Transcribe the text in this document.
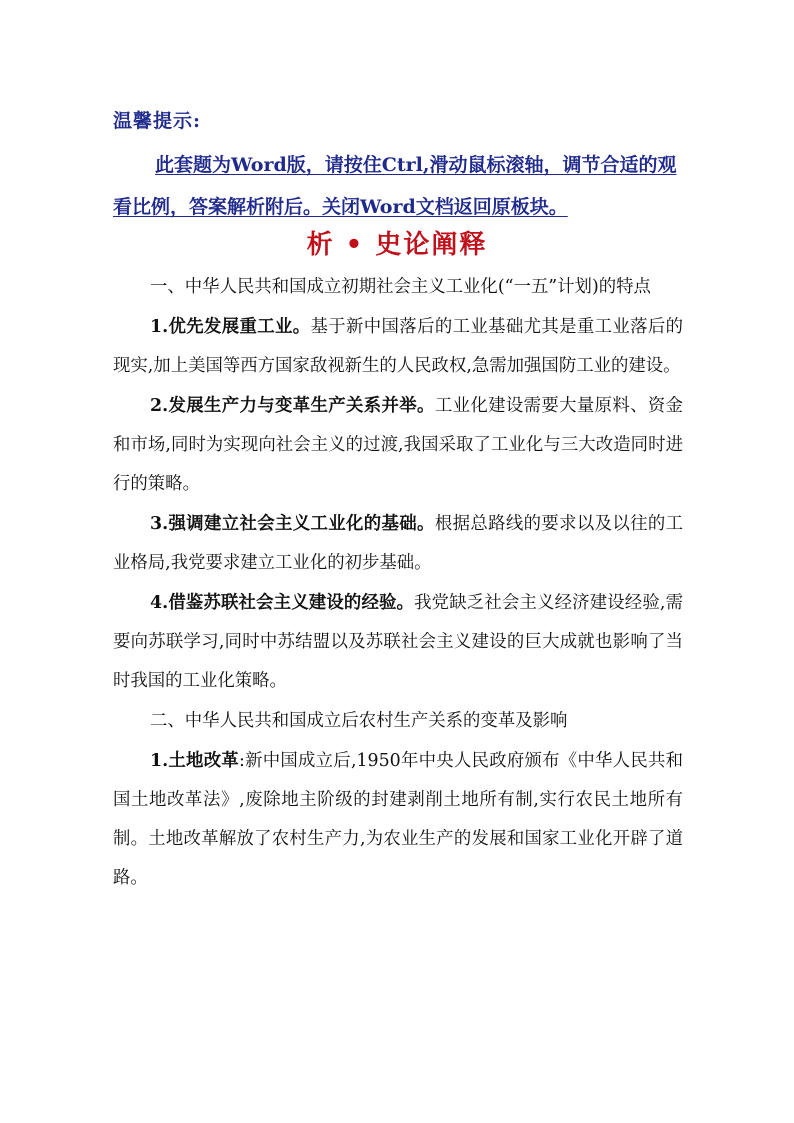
温馨提示:
此套题为Word版，请按住Ctrl,滑动鼠标滚轴，调节合适的观看比例，答案解析附后。关闭Word文档返回原板块。
析 • 史论阐释

一、中华人民共和国成立初期社会主义工业化(“一五”计划)的特点

1.优先发展重工业。基于新中国落后的工业基础尤其是重工业落后的现实,加上美国等西方国家敌视新生的人民政权,急需加强国防工业的建设。

2.发展生产力与变革生产关系并举。工业化建设需要大量原料、资金和市场,同时为实现向社会主义的过渡,我国采取了工业化与三大改造同时进行的策略。

3.强调建立社会主义工业化的基础。根据总路线的要求以及以往的工业格局,我党要求建立工业化的初步基础。

4.借鉴苏联社会主义建设的经验。我党缺乏社会主义经济建设经验,需要向苏联学习,同时中苏结盟以及苏联社会主义建设的巨大成就也影响了当时我国的工业化策略。

二、中华人民共和国成立后农村生产关系的变革及影响

1.土地改革:新中国成立后,1950年中央人民政府颁布《中华人民共和国土地改革法》,废除地主阶级的封建剥削土地所有制,实行农民土地所有制。土地改革解放了农村生产力,为农业生产的发展和国家工业化开辟了道路。
